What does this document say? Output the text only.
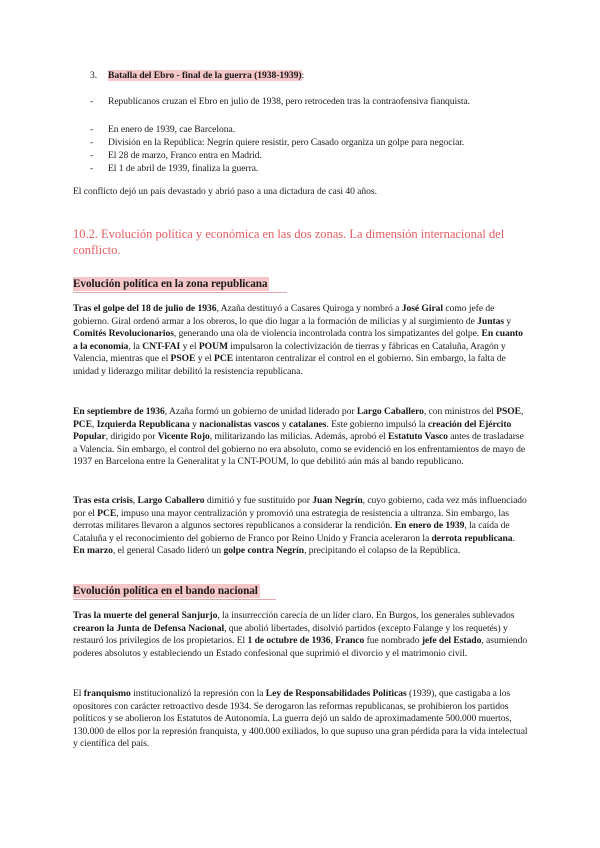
3. Batalla del Ebro - final de la guerra (1938-1939):
- Republicanos cruzan el Ebro en julio de 1938, pero retroceden tras la contraofensiva fianquista.
- En enero de 1939, cae Barcelona.
- División en la República: Negrín quiere resistir, pero Casado organiza un golpe para negociar.
- El 28 de marzo, Franco entra en Madrid.
- El 1 de abril de 1939, finaliza la guerra.
El conflicto dejó un país devastado y abrió paso a una dictadura de casi 40 años.
10.2. Evolución política y económica en las dos zonas. La dimensión internacional del conflicto.
Evolución política en la zona republicana
Tras el golpe del 18 de julio de 1936, Azaña destituyó a Casares Quiroga y nombró a José Giral como jefe de gobierno. Giral ordenó armar a los obreros, lo que dio lugar a la formación de milicias y al surgimiento de Juntas y Comités Revolucionarios, generando una ola de violencia incontrolada contra los simpatizantes del golpe. En cuanto a la economía, la CNT-FAI y el POUM impulsaron la colectivización de tierras y fábricas en Cataluña, Aragón y Valencia, mientras que el PSOE y el PCE intentaron centralizar el control en el gobierno. Sin embargo, la falta de unidad y liderazgo militar debilitó la resistencia republicana.
En septiembre de 1936, Azaña formó un gobierno de unidad liderado por Largo Caballero, con ministros del PSOE, PCE, Izquierda Republicana y nacionalistas vascos y catalanes. Este gobierno impulsó la creación del Ejército Popular, dirigido por Vicente Rojo, militarizando las milicias. Además, aprobó el Estatuto Vasco antes de trasladarse a Valencia. Sin embargo, el control del gobierno no era absoluto, como se evidenció en los enfrentamientos de mayo de 1937 en Barcelona entre la Generalitat y la CNT-POUM, lo que debilitó aún más al bando republicano.
Tras esta crisis, Largo Caballero dimitió y fue sustituido por Juan Negrín, cuyo gobierno, cada vez más influenciado por el PCE, impuso una mayor centralización y promovió una estrategia de resistencia a ultranza. Sin embargo, las derrotas militares llevaron a algunos sectores republicanos a considerar la rendición. En enero de 1939, la caída de Cataluña y el reconocimiento del gobierno de Franco por Reino Unido y Francia aceleraron la derrota republicana. En marzo, el general Casado lideró un golpe contra Negrín, precipitando el colapso de la República.
Evolución política en el bando nacional
Tras la muerte del general Sanjurjo, la insurrección carecía de un líder claro. En Burgos, los generales sublevados crearon la Junta de Defensa Nacional, que abolió libertades, disolvió partidos (excepto Falange y los requetés) y restauró los privilegios de los propietarios. El 1 de octubre de 1936, Franco fue nombrado jefe del Estado, asumiendo poderes absolutos y estableciendo un Estado confesional que suprimió el divorcio y el matrimonio civil.
El franquismo institucionalizó la represión con la Ley de Responsabilidades Políticas (1939), que castigaba a los opositores con carácter retroactivo desde 1934. Se derogaron las reformas republicanas, se prohibieron los partidos políticos y se abolieron los Estatutos de Autonomía. La guerra dejó un saldo de aproximadamente 500.000 muertos, 130.000 de ellos por la represión franquista, y 400.000 exiliados, lo que supuso una gran pérdida para la vida intelectual y científica del país.
